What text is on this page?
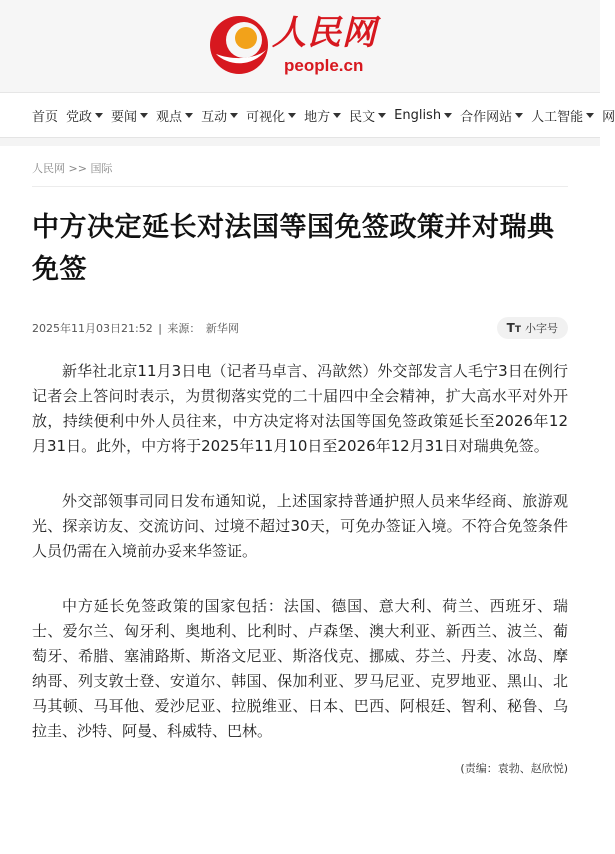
人民网
people.cn
首页 党政 要闻 观点 互动 可视化 地方 民文 English 合作网站 人工智能 网
人民网 >> 国际
中方决定延长对法国等国免签政策并对瑞典免签
2025年11月03日21:52 | 来源： 新华网	TT 小字号

新华社北京11月3日电（记者马卓言、冯歆然）外交部发言人毛宁3日在例行记者会上答问时表示，为贯彻落实党的二十届四中全会精神，扩大高水平对外开放，持续便利中外人员往来，中方决定将对法国等国免签政策延长至2026年12月31日。此外，中方将于2025年11月10日至2026年12月31日对瑞典免签。

外交部领事司同日发布通知说，上述国家持普通护照人员来华经商、旅游观光、探亲访友、交流访问、过境不超过30天，可免办签证入境。不符合免签条件人员仍需在入境前办妥来华签证。

中方延长免签政策的国家包括：法国、德国、意大利、荷兰、西班牙、瑞士、爱尔兰、匈牙利、奥地利、比利时、卢森堡、澳大利亚、新西兰、波兰、葡萄牙、希腊、塞浦路斯、斯洛文尼亚、斯洛伐克、挪威、芬兰、丹麦、冰岛、摩纳哥、列支敦士登、安道尔、韩国、保加利亚、罗马尼亚、克罗地亚、黑山、北马其顿、马耳他、爱沙尼亚、拉脱维亚、日本、巴西、阿根廷、智利、秘鲁、乌拉圭、沙特、阿曼、科威特、巴林。

(责编：袁勃、赵欣悦)
